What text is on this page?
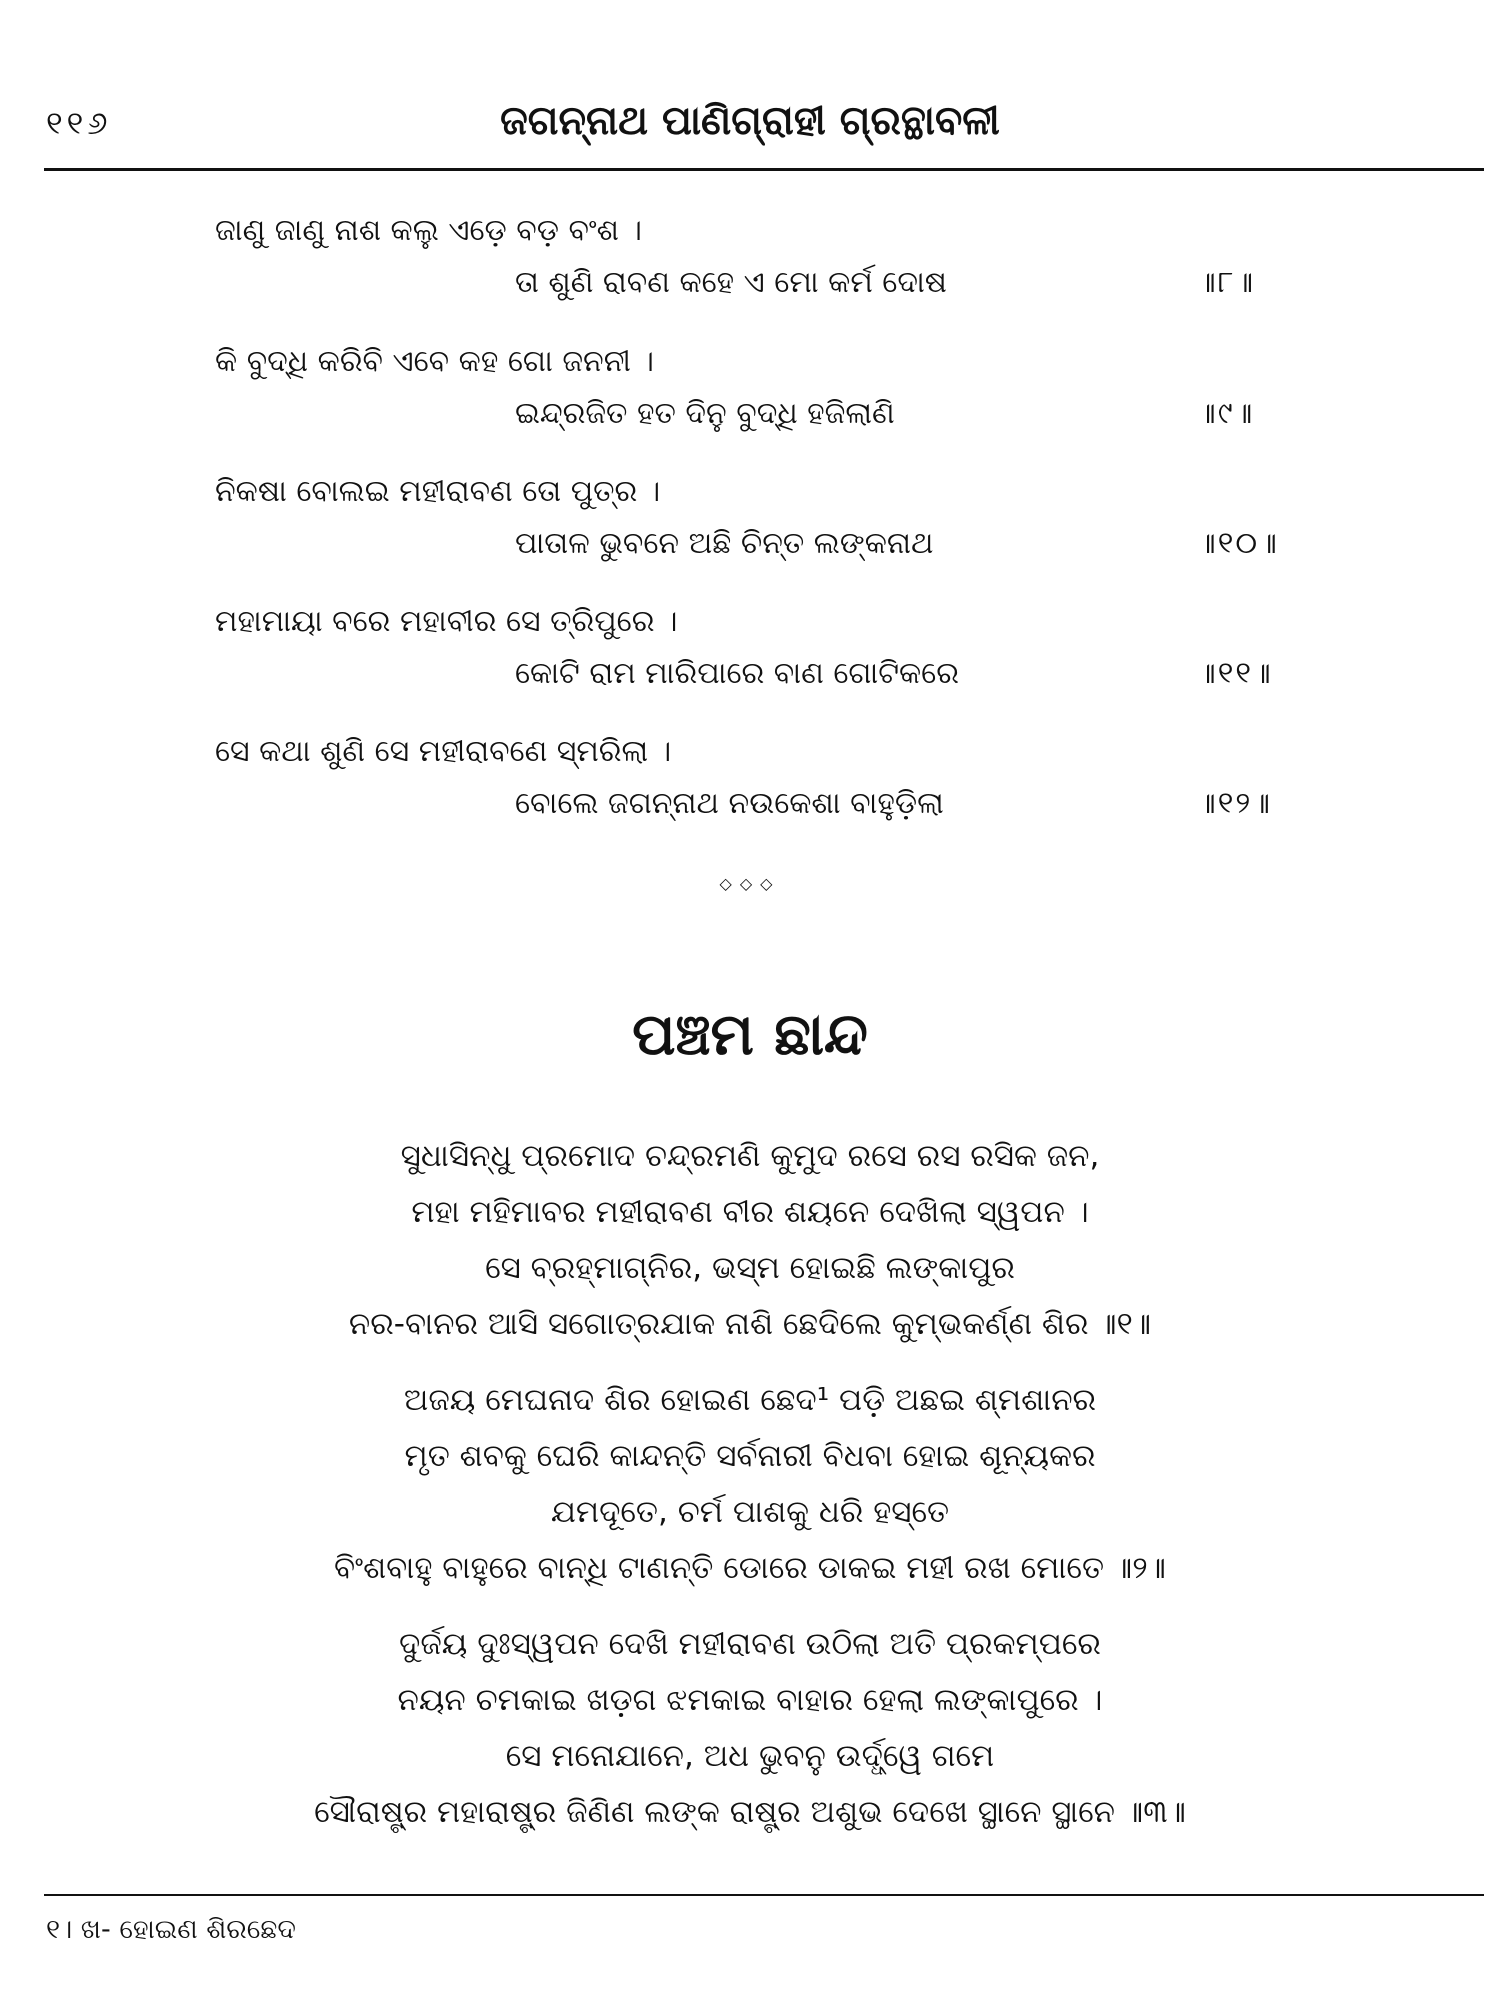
୧୧୬	ଜଗନ୍ନାଥ ପାଣିଗ୍ରାହୀ ଗ୍ରନ୍ଥାବଳୀ
ଜାଣୁ ଜାଣୁ ନାଶ କଲୁ ଏଡ଼େ ବଡ଼ ବଂଶ ।
ତା ଶୁଣି ରାବଣ କହେ ଏ ମୋ କର୍ମ ଦୋଷ	॥୮॥
କି ବୁଦ୍ଧି କରିବି ଏବେ କହ ଗୋ ଜନନୀ ।
ଇନ୍ଦ୍ରଜିତ ହତ ଦିନୁ ବୁଦ୍ଧି ହଜିଲାଣି	॥୯॥
ନିକଷା ବୋଲଇ ମହୀରାବଣ ତୋ ପୁତ୍ର ।
ପାତାଳ ଭୁବନେ ଅଛି ଚିନ୍ତ ଲଙ୍କନାଥ	॥୧୦॥
ମହାମାୟା ବରେ ମହାବୀର ସେ ତ୍ରିପୁରେ ।
କୋଟି ରାମ ମାରିପାରେ ବାଣ ଗୋଟିକରେ	॥୧୧॥
ସେ କଥା ଶୁଣି ସେ ମହୀରାବଣେ ସ୍ମରିଲା ।
ବୋଲେ ଜଗନ୍ନାଥ ନଉକେଶା ବାହୁଡ଼ିଲା	॥୧୨॥
◇◇◇
ପଞ୍ଚମ ଛାନ୍ଦ
ସୁଧାସିନ୍ଧୁ ପ୍ରମୋଦ ଚନ୍ଦ୍ରମଣି କୁମୁଦ ରସେ ରସ ରସିକ ଜନ,
ମହା ମହିମାବର ମହୀରାବଣ ବୀର ଶୟନେ ଦେଖିଲା ସ୍ୱପନ ।
ସେ ବ୍ରହ୍ମାଗ୍ନିର, ଭସ୍ମ ହୋଇଛି ଲଙ୍କାପୁର
ନର-ବାନର ଆସି ସଗୋତ୍ରଯାକ ନାଶି ଛେଦିଲେ କୁମ୍ଭକର୍ଣ୍ଣ ଶିର ॥୧॥
ଅଜୟ ମେଘନାଦ ଶିର ହୋଇଣ ଛେଦ¹ ପଡ଼ି ଅଛଇ ଶ୍ମଶାନର
ମୃତ ଶବକୁ ଘେରି କାନ୍ଦନ୍ତି ସର୍ବନାରୀ ବିଧବା ହୋଇ ଶୂନ୍ୟକର
ଯମଦୂତେ, ଚର୍ମ ପାଶକୁ ଧରି ହସ୍ତେ
ବିଂଶବାହୁ ବାହୁରେ ବାନ୍ଧି ଟାଣନ୍ତି ଡୋରେ ଡାକଇ ମହୀ ରଖ ମୋତେ ॥୨॥
ଦୁର୍ଜୟ ଦୁଃସ୍ୱପନ ଦେଖି ମହୀରାବଣ ଉଠିଲା ଅତି ପ୍ରକମ୍ପରେ
ନୟନ ଚମକାଇ ଖଡ଼ଗ ଝମକାଇ ବାହାର ହେଲା ଲଙ୍କାପୁରେ ।
ସେ ମନୋଯାନେ, ଅଧ ଭୁବନୁ ଉର୍ଦ୍ଧ୍ୱେ ଗମେ
ସୌରାଷ୍ଟ୍ର ମହାରାଷ୍ଟ୍ର ଜିଣିଣ ଲଙ୍କ ରାଷ୍ଟ୍ର ଅଶୁଭ ଦେଖେ ସ୍ଥାନେ ସ୍ଥାନେ ॥୩॥
୧। ଖ- ହୋଇଣ ଶିରଛେଦ
